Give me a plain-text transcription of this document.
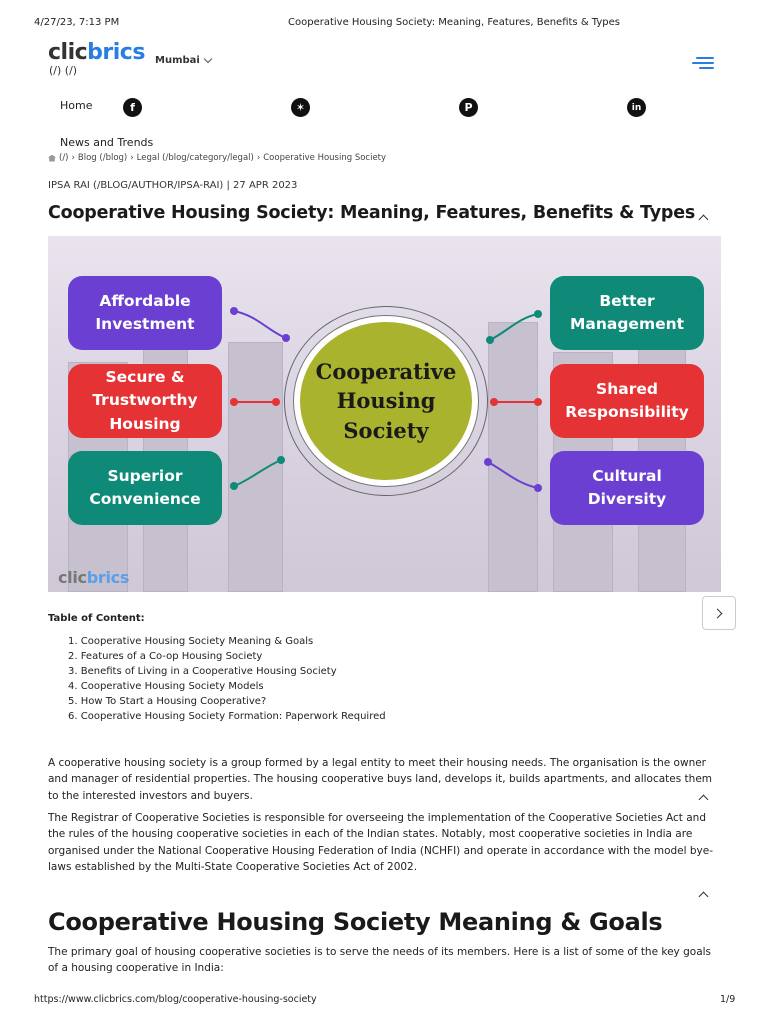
4/27/23, 7:13 PM	Cooperative Housing Society: Meaning, Features, Benefits & Types
clicbrics
(/) (/)
Mumbai
Home	f	✶	P	in
News and Trends
(/) › Blog (/blog) › Legal (/blog/category/legal) › Cooperative Housing Society
IPSA RAI (/BLOG/AUTHOR/IPSA-RAI) | 27 APR 2023
Cooperative Housing Society: Meaning, Features, Benefits & Types
Cooperative
Housing
Society
Affordable
Investment
Secure &
Trustworthy
Housing
Superior
Convenience
Better
Management
Shared
Responsibility
Cultural
Diversity
clicbrics
Table of Content:
1. Cooperative Housing Society Meaning & Goals
2. Features of a Co-op Housing Society
3. Benefits of Living in a Cooperative Housing Society
4. Cooperative Housing Society Models
5. How To Start a Housing Cooperative?
6. Cooperative Housing Society Formation: Paperwork Required

A cooperative housing society is a group formed by a legal entity to meet their housing needs. The organisation is the owner and manager of residential properties. The housing cooperative buys land, develops it, builds apartments, and allocates them to the interested investors and buyers.

The Registrar of Cooperative Societies is responsible for overseeing the implementation of the Cooperative Societies Act and the rules of the housing cooperative societies in each of the Indian states. Notably, most cooperative societies in India are organised under the National Cooperative Housing Federation of India (NCHFI) and operate in accordance with the model bye-laws established by the Multi-State Cooperative Societies Act of 2002.

Cooperative Housing Society Meaning & Goals

The primary goal of housing cooperative societies is to serve the needs of its members. Here is a list of some of the key goals of a housing cooperative in India:

https://www.clicbrics.com/blog/cooperative-housing-society	1/9
